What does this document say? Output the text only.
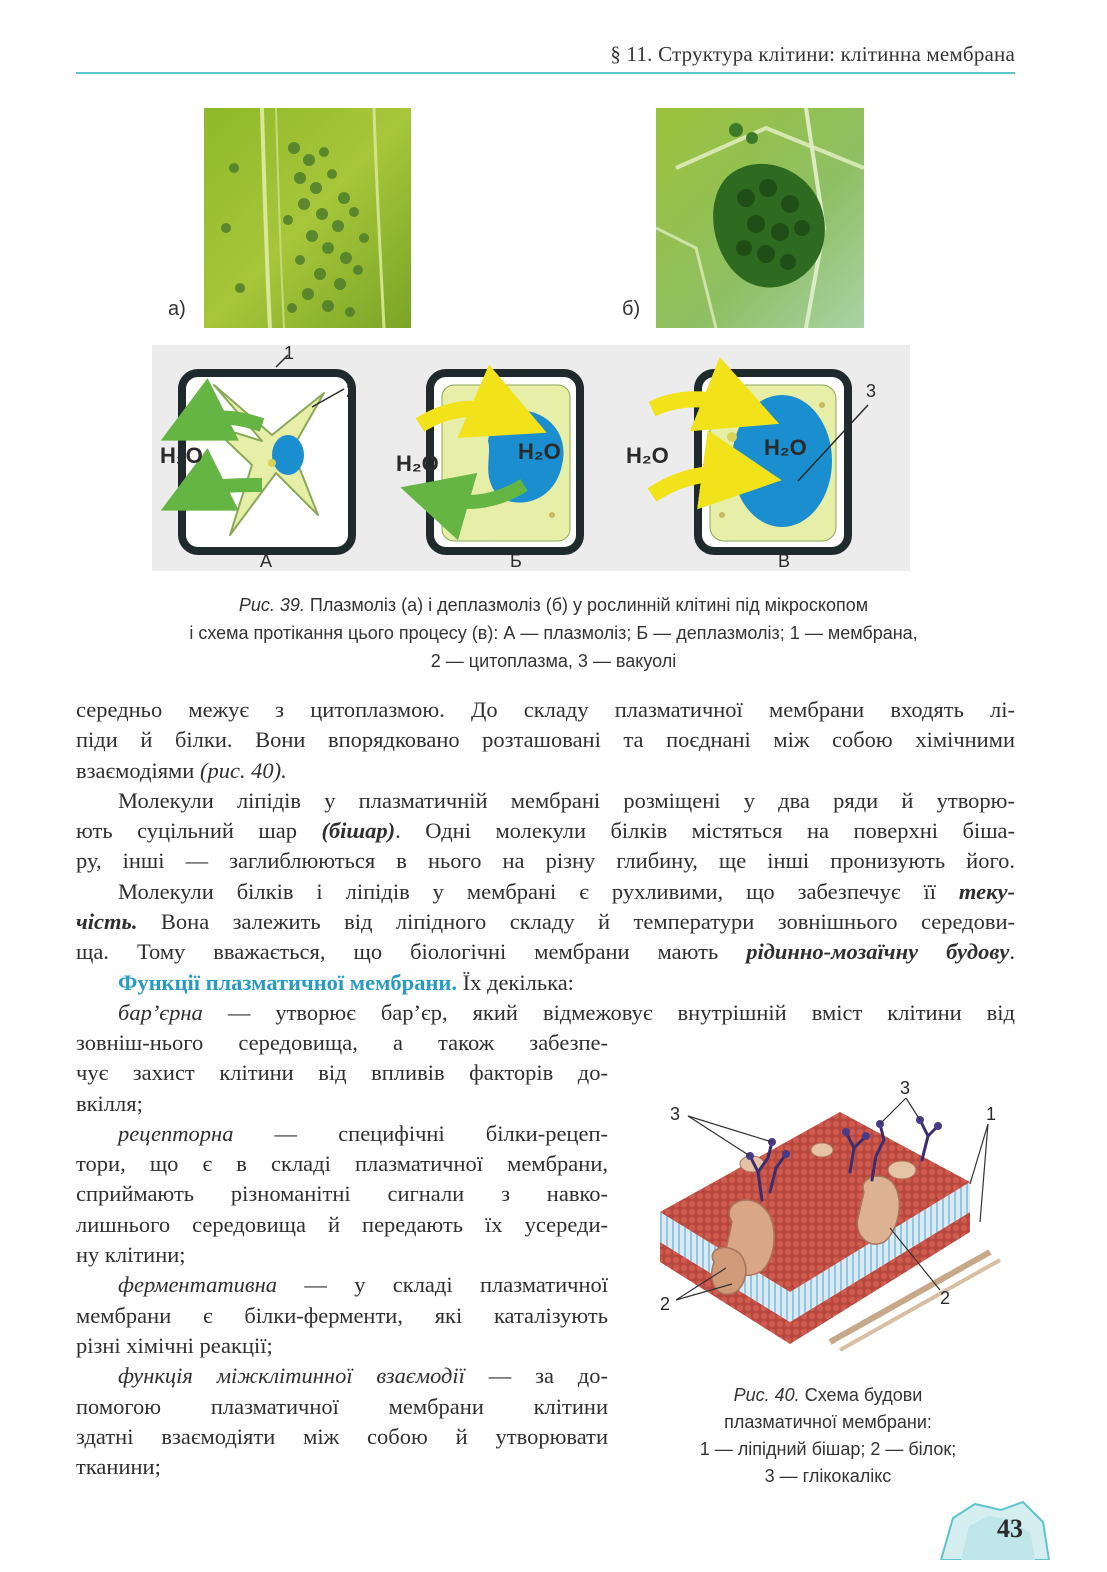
§ 11. Структура клітини: клітинна мембрана
а)	б)
H₂O
1
2
А
H₂O	H₂O
Б
H₂O	H₂O
3
В
Рис. 39. Плазмоліз (а) і деплазмоліз (б) у рослинній клітині під мікроскопом
і схема протікання цього процесу (в): А — плазмоліз; Б — деплазмоліз; 1 — мембрана,
2 — цитоплазма, 3 — вакуолі
середньо межує з цитоплазмою. До складу плазматичної мембрани входять лі-
піди й білки. Вони впорядковано розташовані та поєднані між собою хімічними
взаємодіями (рис. 40).
Молекули ліпідів у плазматичній мембрані розміщені у два ряди й утворю-
ють суцільний шар (бішар). Одні молекули білків містяться на поверхні біша-
ру, інші — заглиблюються в нього на різну глибину, ще інші пронизують його.
Молекули білків і ліпідів у мембрані є рухливими, що забезпечує її теку-
чість. Вона залежить від ліпідного складу й температури зовнішнього середови-
ща. Тому вважається, що біологічні мембрани мають рідинно-мозаїчну будову.
Функції плазматичної мембрани. Їх декілька:
бар’єрна — утворює бар’єр, який відмежовує внутрішній вміст клітини від
зовніш-нього середовища, а також забезпе-
чує захист клітини від впливів факторів до-
вкілля;
рецепторна — специфічні білки-рецеп-
тори, що є в складі плазматичної мембрани,
сприймають різноманітні сигнали з навко-
лишнього середовища й передають їх усереди-
ну клітини;
ферментативна — у складі плазматичної
мембрани є білки-ферменти, які каталізують
різні хімічні реакції;
функція міжклітинної взаємодії — за до-
помогою плазматичної мембрани клітини
здатні взаємодіяти між собою й утворювати
тканини;
3
3
1
2	2
Рис. 40. Схема будови
плазматичної мембрани:
1 — ліпідний бішар; 2 — білок;
3 — глікокалікс
43
